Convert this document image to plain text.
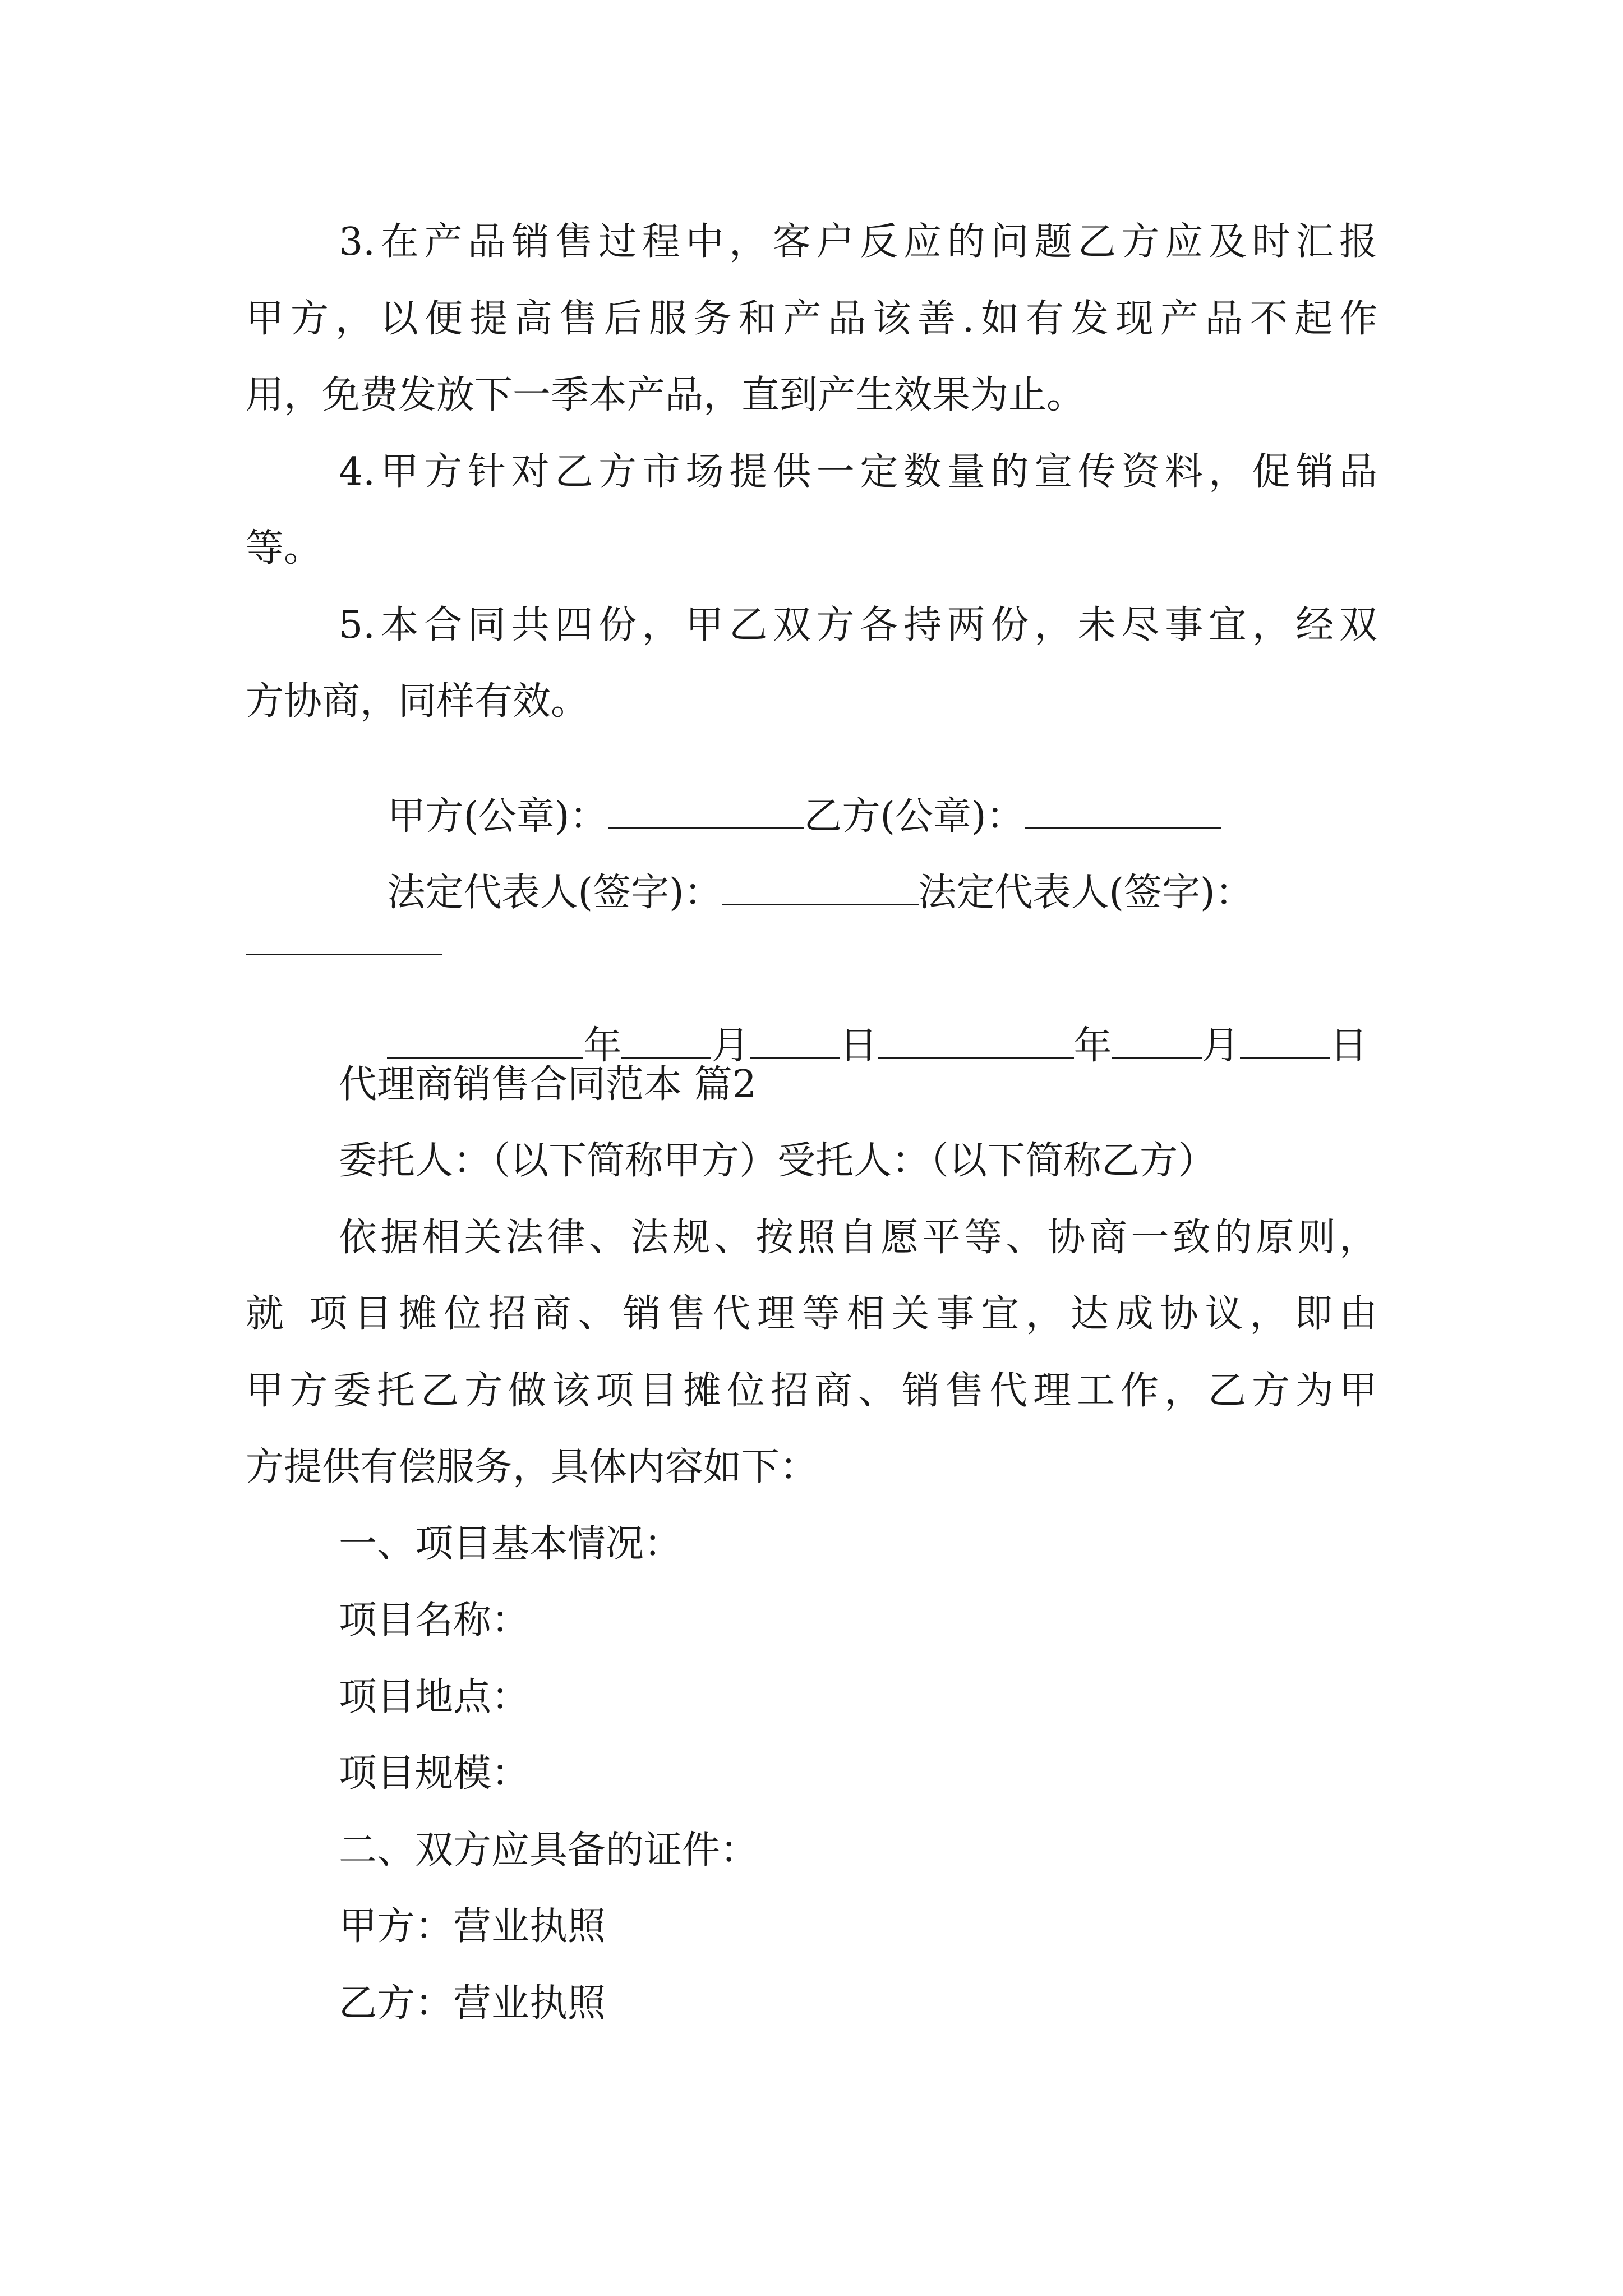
3.在产品销售过程中，客户反应的问题乙方应及时汇报
甲方，以便提高售后服务和产品该善.如有发现产品不起作
用，免费发放下一季本产品，直到产生效果为止。
4.甲方针对乙方市场提供一定数量的宣传资料，促销品
等。
5.本合同共四份，甲乙双方各持两份，未尽事宜，经双
方协商，同样有效。

甲方(公章)：	乙方(公章)：

法定代表人(签字)：	法定代表人(签字)：

年 月 日	年 月 日

代理商销售合同范本 篇2
委托人：（以下简称甲方）受托人：（以下简称乙方）
依据相关法律、法规、按照自愿平等、协商一致的原则，
就 项目摊位招商、销售代理等相关事宜，达成协议，即由
甲方委托乙方做该项目摊位招商、销售代理工作，乙方为甲
方提供有偿服务，具体内容如下：
一、项目基本情况：
项目名称：
项目地点：
项目规模：
二、双方应具备的证件：
甲方：营业执照
乙方：营业执照
